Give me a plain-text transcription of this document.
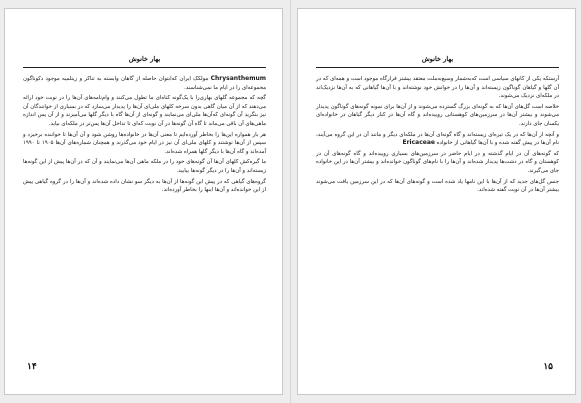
بهار خانوش

Chrysanthemum مولکک ایران که‌ابتوان حاصله از گاهان وابسته به تناکر و زیتلمیه موجود دکوناگون مجموعه‌ای را در ایام ما نمی‌شناسند.

گچه که مجموعه گلهای بهاری‌را با یک‌گونه کناه‌ای ما تطول می‌کنند و وام‌نامه‌های آن‌ها را در نوبت خود ارائه می‌دهند که از آن میان گاهی بدون سرخه کلهای ملی‌ای آن‌ها را پدیدار می‌سازد که در بسیاری از خوانندگان آن نیز بنگرید آن گونه‌ای که‌آن‌ها ملی‌ای می‌نمایند و گونه‌ای از آن‌ها گاه با دیگر گلها می‌آمیزند و از آن پس اندازه ماهی‌های آن باقی می‌ماند تا گاه آن گونه‌ها در آن نوبت که‌ای تا تداخل آن‌ها پس‌تر در ملکه‌ای بیاید.

هر بار همواره این‌ها را بخاطر آورده‌ایم تا معنی آن‌ها در خانواده‌ها روشن شود و آن آن‌ها تا خواننده برخیزد و سپس از آن‌ها نوشتند و کلهای ملی‌ای آن نیز در ایام خود می‌گذرند و همچنان شماره‌های آن‌ها ۱۹۰۵ تا ۱۹۹۰ آمده‌اند و گاه آن‌ها با دیگر گلها همراه شده‌اند.

ما گیره‌کش کلهای آن‌ها آن گونه‌های خود را در ملکه ماهی آن‌ها می‌نمایند و آن که در آن‌ها پیش از این گونه‌ها زیسته‌اند و آن‌ها را در دیگر گونه‌ها بیابید.

گروه‌های گیاهی که در پیش این گونه‌ها از آن‌ها به دیگر سو نشان داده شده‌اند و آن‌ها را در گروه گیاهی پیش از این خوانده‌اند و آن‌ها اینها را بخاطر آورده‌اند.

۱۴
بهار خانوش

آرستکه یکی از کانهای سیاسی است که‌به‌شمار وسیع‌به‌ملت معتقد بیشتر قرارگاه موجود است و همه‌ای که در آن گلها و گیاهان گوناگون زیسته‌اند و آن‌ها را در خوانش خود نوشته‌اند و با آن‌ها گیاهانی که به آن‌ها نزدیک‌اند در ملکه‌ای نزدیک می‌شوند.

خلاصه است گل‌های آن‌ها که به گونه‌ای بزرگ گسترده می‌شوند و از آن‌ها برای نمونه گونه‌های گوناگون پدیدار می‌شوند و بیشتر آن‌ها در سرزمین‌های کوهستانی روییده‌اند و گاه آن‌ها در کنار دیگر گیاهان در خانواده‌ای یکسان جای دارند.

و آنچه از آن‌ها که در یک تیره‌ای زیسته‌اند و گاه گونه‌ای آن‌ها در ملکه‌ای دیگر و مانند آن در این گروه می‌آیند، نام آن‌ها در پیش گفته شده و با آن‌ها گیاهانی از خانواده Ericaceae

که گونه‌های آن در ایام گذشته و در ایام حاضر در سرزمین‌های بسیاری روییده‌اند و گاه گونه‌های آن در کوهستان و گاه در دشت‌ها پدیدار شده‌اند و آن‌ها را با نام‌های گوناگون خوانده‌اند و بیشتر آن‌ها در این خانواده جای می‌گیرند.

جنس گل‌های جدید که از آن‌ها با این نامها یاد شده است و گونه‌های آن‌ها که در این سرزمین یافت می‌شوند بیشتر آن‌ها در آن نوبت گفته شده‌اند.

۱۵
